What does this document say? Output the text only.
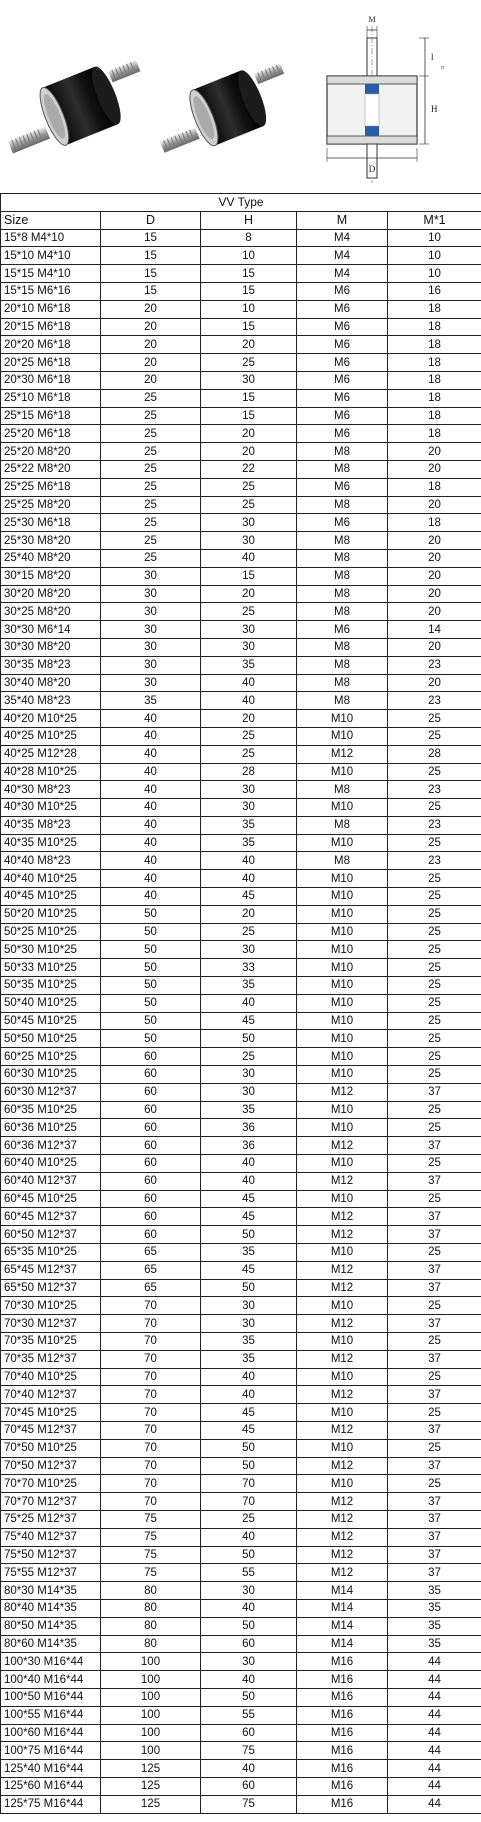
M
l
b
H
D
VV Type				
Size	D	H	M	M*1
15*8 M4*10	15	8	M4	10
15*10 M4*10	15	10	M4	10
15*15 M4*10	15	15	M4	10
15*15 M6*16	15	15	M6	16
20*10 M6*18	20	10	M6	18
20*15 M6*18	20	15	M6	18
20*20 M6*18	20	20	M6	18
20*25 M6*18	20	25	M6	18
20*30 M6*18	20	30	M6	18
25*10 M6*18	25	15	M6	18
25*15 M6*18	25	15	M6	18
25*20 M6*18	25	20	M6	18
25*20 M8*20	25	20	M8	20
25*22 M8*20	25	22	M8	20
25*25 M6*18	25	25	M6	18
25*25 M8*20	25	25	M8	20
25*30 M6*18	25	30	M6	18
25*30 M8*20	25	30	M8	20
25*40 M8*20	25	40	M8	20
30*15 M8*20	30	15	M8	20
30*20 M8*20	30	20	M8	20
30*25 M8*20	30	25	M8	20
30*30 M6*14	30	30	M6	14
30*30 M8*20	30	30	M8	20
30*35 M8*23	30	35	M8	23
30*40 M8*20	30	40	M8	20
35*40 M8*23	35	40	M8	23
40*20 M10*25	40	20	M10	25
40*25 M10*25	40	25	M10	25
40*25 M12*28	40	25	M12	28
40*28 M10*25	40	28	M10	25
40*30 M8*23	40	30	M8	23
40*30 M10*25	40	30	M10	25
40*35 M8*23	40	35	M8	23
40*35 M10*25	40	35	M10	25
40*40 M8*23	40	40	M8	23
40*40 M10*25	40	40	M10	25
40*45 M10*25	40	45	M10	25
50*20 M10*25	50	20	M10	25
50*25 M10*25	50	25	M10	25
50*30 M10*25	50	30	M10	25
50*33 M10*25	50	33	M10	25
50*35 M10*25	50	35	M10	25
50*40 M10*25	50	40	M10	25
50*45 M10*25	50	45	M10	25
50*50 M10*25	50	50	M10	25
60*25 M10*25	60	25	M10	25
60*30 M10*25	60	30	M10	25
60*30 M12*37	60	30	M12	37
60*35 M10*25	60	35	M10	25
60*36 M10*25	60	36	M10	25
60*36 M12*37	60	36	M12	37
60*40 M10*25	60	40	M10	25
60*40 M12*37	60	40	M12	37
60*45 M10*25	60	45	M10	25
60*45 M12*37	60	45	M12	37
60*50 M12*37	60	50	M12	37
65*35 M10*25	65	35	M10	25
65*45 M12*37	65	45	M12	37
65*50 M12*37	65	50	M12	37
70*30 M10*25	70	30	M10	25
70*30 M12*37	70	30	M12	37
70*35 M10*25	70	35	M10	25
70*35 M12*37	70	35	M12	37
70*40 M10*25	70	40	M10	25
70*40 M12*37	70	40	M12	37
70*45 M10*25	70	45	M10	25
70*45 M12*37	70	45	M12	37
70*50 M10*25	70	50	M10	25
70*50 M12*37	70	50	M12	37
70*70 M10*25	70	70	M10	25
70*70 M12*37	70	70	M12	37
75*25 M12*37	75	25	M12	37
75*40 M12*37	75	40	M12	37
75*50 M12*37	75	50	M12	37
75*55 M12*37	75	55	M12	37
80*30 M14*35	80	30	M14	35
80*40 M14*35	80	40	M14	35
80*50 M14*35	80	50	M14	35
80*60 M14*35	80	60	M14	35
100*30 M16*44	100	30	M16	44
100*40 M16*44	100	40	M16	44
100*50 M16*44	100	50	M16	44
100*55 M16*44	100	55	M16	44
100*60 M16*44	100	60	M16	44
100*75 M16*44	100	75	M16	44
125*40 M16*44	125	40	M16	44
125*60 M16*44	125	60	M16	44
125*75 M16*44	125	75	M16	44
